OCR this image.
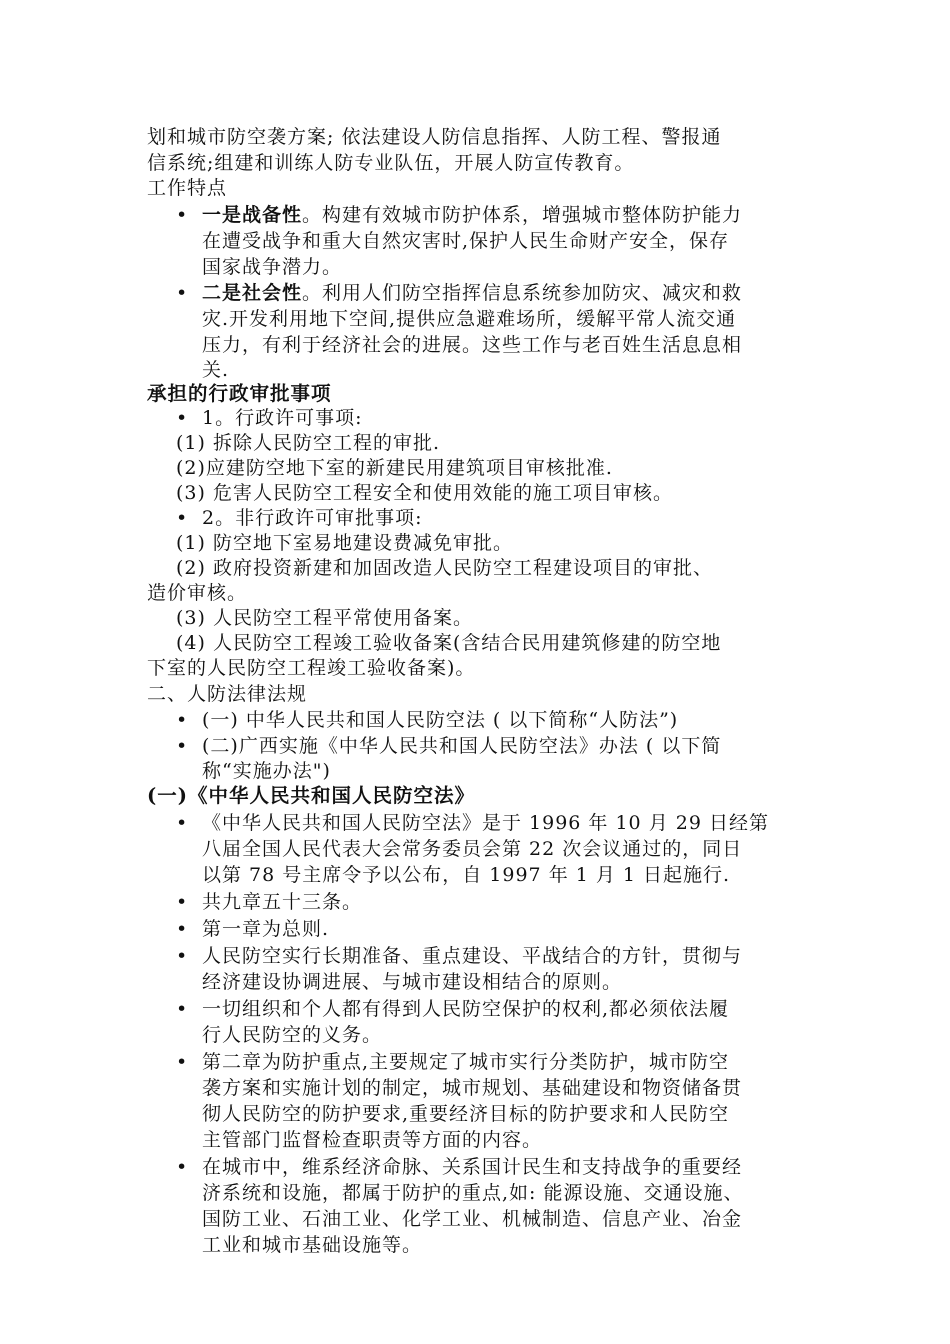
划和城市防空袭方案; 依法建设人防信息指挥、人防工程、警报通
信系统;组建和训练人防专业队伍，开展人防宣传教育。
工作特点
• 一是战备性。构建有效城市防护体系，增强城市整体防护能力
在遭受战争和重大自然灾害时,保护人民生命财产安全，保存
国家战争潜力。
• 二是社会性。利用人们防空指挥信息系统参加防灾、减灾和救
灾.开发利用地下空间,提供应急避难场所，缓解平常人流交通
压力，有利于经济社会的进展。这些工作与老百姓生活息息相
关.
承担的行政审批事项
• 1。行政许可事项:
(1) 拆除人民防空工程的审批.
(2)应建防空地下室的新建民用建筑项目审核批准.
(3) 危害人民防空工程安全和使用效能的施工项目审核。
• 2。非行政许可审批事项:
(1) 防空地下室易地建设费减免审批。
(2) 政府投资新建和加固改造人民防空工程建设项目的审批、
造价审核。
(3) 人民防空工程平常使用备案。
(4) 人民防空工程竣工验收备案(含结合民用建筑修建的防空地
下室的人民防空工程竣工验收备案)。
二、人防法律法规
• (一) 中华人民共和国人民防空法 ( 以下简称“人防法”)
• (二)广西实施《中华人民共和国人民防空法》办法 ( 以下简
称“实施办法")
(一)《中华人民共和国人民防空法》
• 《中华人民共和国人民防空法》是于 1996 年 10 月 29 日经第
八届全国人民代表大会常务委员会第 22 次会议通过的，同日
以第 78 号主席令予以公布，自 1997 年 1 月 1 日起施行.
• 共九章五十三条。
• 第一章为总则.
• 人民防空实行长期准备、重点建设、平战结合的方针，贯彻与
经济建设协调进展、与城市建设相结合的原则。
• 一切组织和个人都有得到人民防空保护的权利,都必须依法履
行人民防空的义务。
• 第二章为防护重点,主要规定了城市实行分类防护，城市防空
袭方案和实施计划的制定，城市规划、基础建设和物资储备贯
彻人民防空的防护要求,重要经济目标的防护要求和人民防空
主管部门监督检查职责等方面的内容。
• 在城市中，维系经济命脉、关系国计民生和支持战争的重要经
济系统和设施，都属于防护的重点,如: 能源设施、交通设施、
国防工业、石油工业、化学工业、机械制造、信息产业、冶金
工业和城市基础设施等。
